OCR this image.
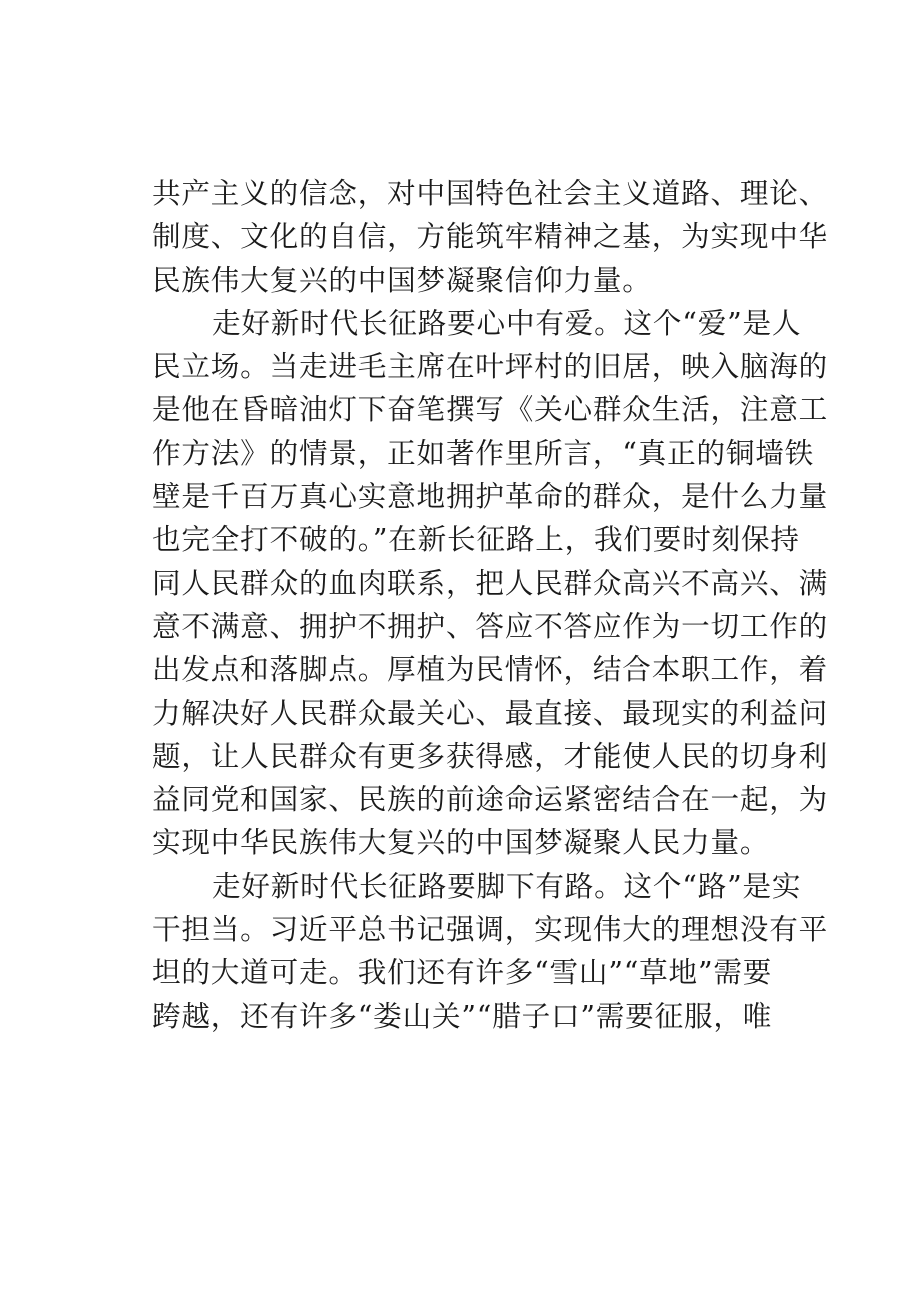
共产主义的信念，对中国特色社会主义道路、理论、
制度、文化的自信，方能筑牢精神之基，为实现中华
民族伟大复兴的中国梦凝聚信仰力量。
走好新时代长征路要心中有爱。这个“爱”是人
民立场。当走进毛主席在叶坪村的旧居，映入脑海的
是他在昏暗油灯下奋笔撰写《关心群众生活，注意工
作方法》的情景，正如著作里所言，“真正的铜墙铁
壁是千百万真心实意地拥护革命的群众，是什么力量
也完全打不破的。”在新长征路上，我们要时刻保持
同人民群众的血肉联系，把人民群众高兴不高兴、满
意不满意、拥护不拥护、答应不答应作为一切工作的
出发点和落脚点。厚植为民情怀，结合本职工作，着
力解决好人民群众最关心、最直接、最现实的利益问
题，让人民群众有更多获得感，才能使人民的切身利
益同党和国家、民族的前途命运紧密结合在一起，为
实现中华民族伟大复兴的中国梦凝聚人民力量。
走好新时代长征路要脚下有路。这个“路”是实
干担当。习近平总书记强调，实现伟大的理想没有平
坦的大道可走。我们还有许多“雪山”“草地”需要
跨越，还有许多“娄山关”“腊子口”需要征服，唯
